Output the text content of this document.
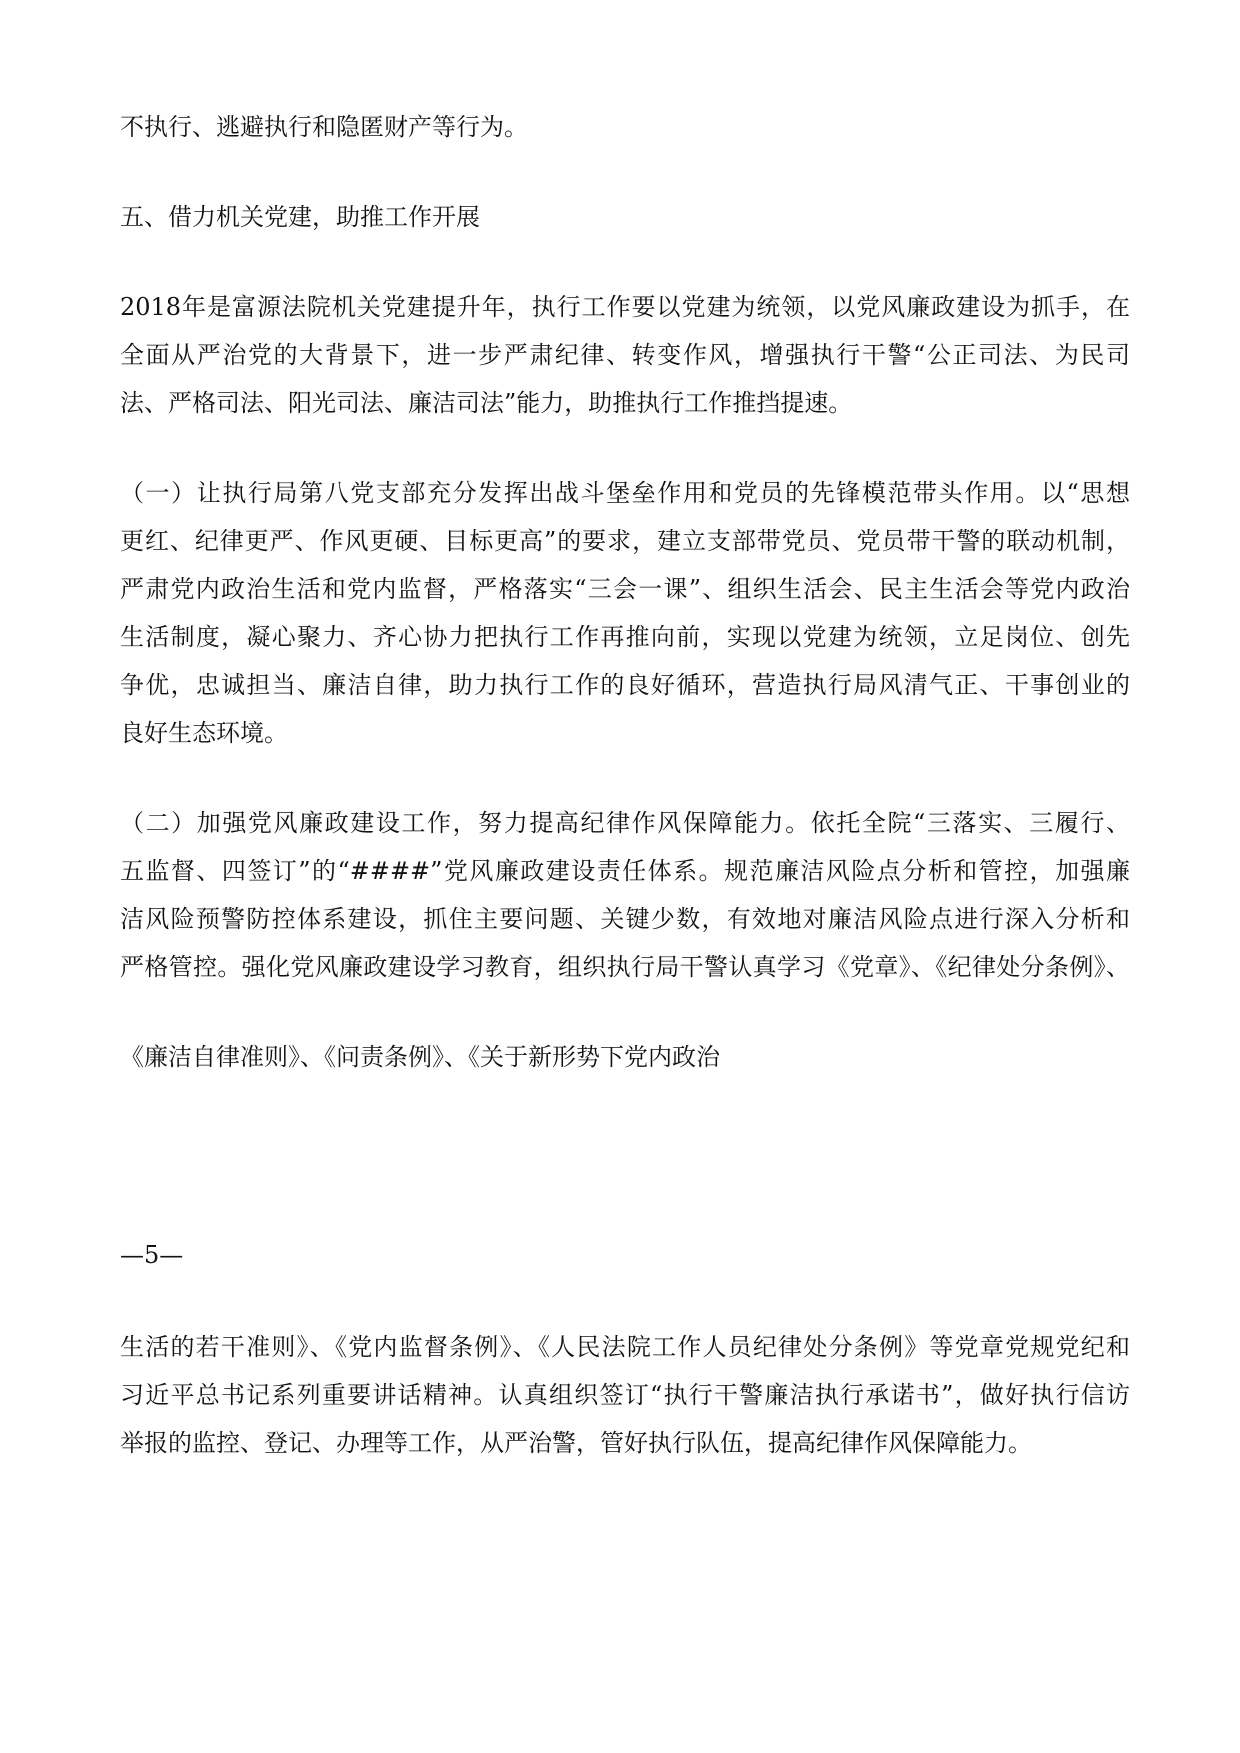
不执行、逃避执行和隐匿财产等行为。
五、借力机关党建，助推工作开展
2018年是富源法院机关党建提升年，执行工作要以党建为统领，以党风廉政建设为抓手，在
全面从严治党的大背景下，进一步严肃纪律、转变作风，增强执行干警“公正司法、为民司
法、严格司法、阳光司法、廉洁司法”能力，助推执行工作推挡提速。
（一）让执行局第八党支部充分发挥出战斗堡垒作用和党员的先锋模范带头作用。以“思想
更红、纪律更严、作风更硬、目标更高”的要求，建立支部带党员、党员带干警的联动机制，
严肃党内政治生活和党内监督，严格落实“三会一课”、组织生活会、民主生活会等党内政治
生活制度，凝心聚力、齐心协力把执行工作再推向前，实现以党建为统领，立足岗位、创先
争优，忠诚担当、廉洁自律，助力执行工作的良好循环，营造执行局风清气正、干事创业的
良好生态环境。
（二）加强党风廉政建设工作，努力提高纪律作风保障能力。依托全院“三落实、三履行、
五监督、四签订”的“####”党风廉政建设责任体系。规范廉洁风险点分析和管控，加强廉
洁风险预警防控体系建设，抓住主要问题、关键少数，有效地对廉洁风险点进行深入分析和
严格管控。强化党风廉政建设学习教育，组织执行局干警认真学习《党章》、《纪律处分条例》、
《廉洁自律准则》、《问责条例》、《关于新形势下党内政治
—5—
生活的若干准则》、《党内监督条例》、《人民法院工作人员纪律处分条例》等党章党规党纪和
习近平总书记系列重要讲话精神。认真组织签订“执行干警廉洁执行承诺书”，做好执行信访
举报的监控、登记、办理等工作，从严治警，管好执行队伍，提高纪律作风保障能力。
